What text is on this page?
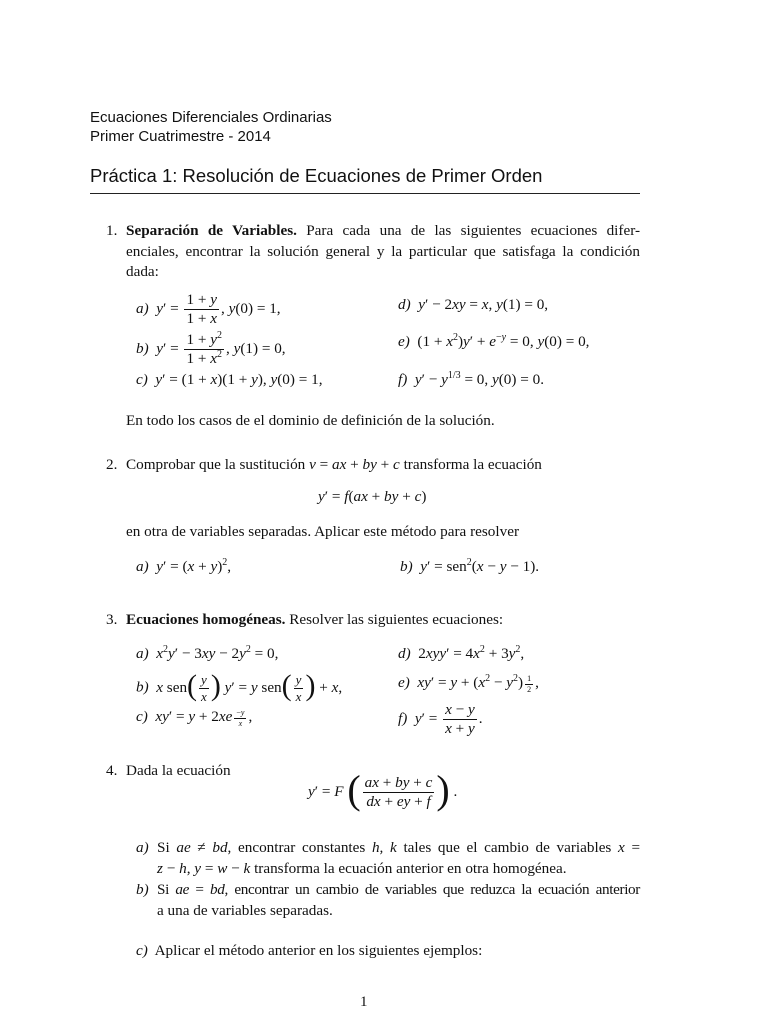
Ecuaciones Diferenciales Ordinarias
Primer Cuatrimestre - 2014
Práctica 1: Resolución de Ecuaciones de Primer Orden
1. Separación de Variables. Para cada una de las siguientes ecuaciones difer-
enciales, encontrar la solución general y la particular que satisfaga la condición
dada:
a) $y' = \frac{1 + y}{1 + x}$ , y(0) = 1,
b) $y' = \frac{1 + y^2}{1 + x^2}$ , y(1) = 0,
c) y′ = (1 + x)(1 + y), y(0) = 1,
d) y′ − 2xy = x, y(1) = 0,
e) $(1 + x^2)y' + e^{-y} = 0$, y(0) = 0,
f) $y' - y^{1/3} = 0$, y(0) = 0.
En todo los casos de el dominio de definición de la solución.
2. Comprobar que la sustitución v = ax + by + c transforma la ecuación
y′ = f(ax + by + c)
en otra de variables separadas. Aplicar este método para resolver
a) $y' = (x + y)^2$,	b) y′ = sen$^2$(x − y − 1).
3. Ecuaciones homogéneas. Resolver las siguientes ecuaciones:
a) $x^2y' - 3xy - 2y^2 = 0$,
b) x $sen( \frac{y}{x}$ ) y′ = y $sen( \frac{y}{x}$ ) + x,
c) xy′ = y + 2xe $^{\frac{-y}{x}}$ ,
d) $2xyy' = 4x^2 + 3y^2$,
e) $xy' = y + (x^2 - y^2)$ $^{\frac{1}{2}}$ ,
f) $y' = \frac{x - y}{x + y}$ .
4. Dada la ecuación
y′ = F ( $\frac{ax + by + c}{dx + ey + f}$ ) .
a) Si ae ≠ bd, encontrar constantes h, k tales que el cambio de variables x =
z − h, y = w − k transforma la ecuación anterior en otra homogénea.
b) Si ae = bd, encontrar un cambio de variables que reduzca la ecuación anterior
a una de variables separadas.
c) Aplicar el método anterior en los siguientes ejemplos:
1
